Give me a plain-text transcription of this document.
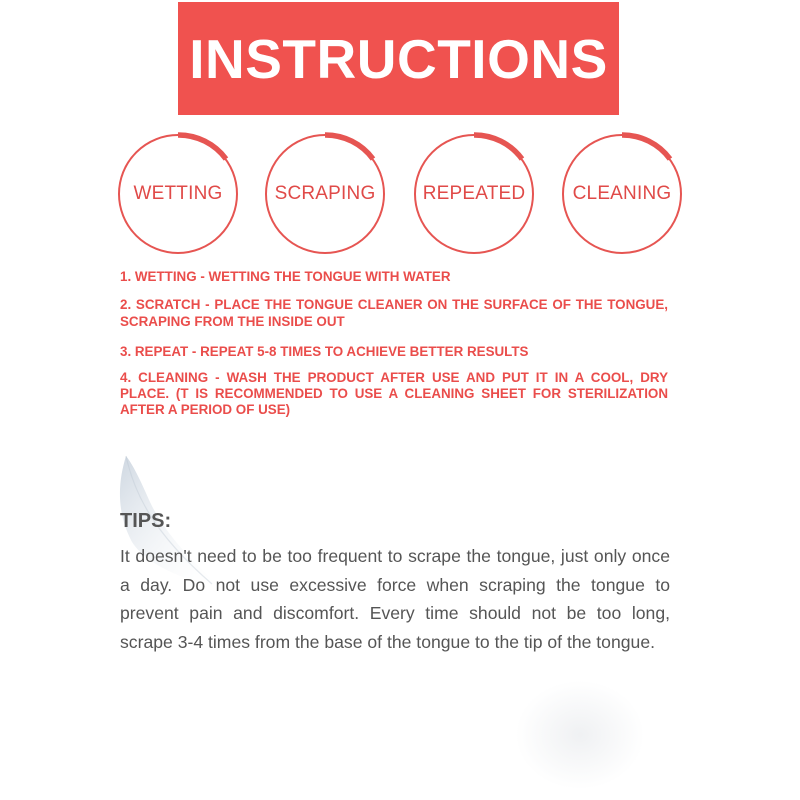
INSTRUCTIONS
WETTING	SCRAPING	REPEATED	CLEANING

1. WETTING - WETTING THE TONGUE WITH WATER

2. SCRATCH - PLACE THE TONGUE CLEANER ON THE SURFACE OF THE TONGUE, SCRAPING FROM THE INSIDE OUT

3. REPEAT - REPEAT 5-8 TIMES TO ACHIEVE BETTER RESULTS

4. CLEANING - WASH THE PRODUCT AFTER USE AND PUT IT IN A COOL, DRY PLACE. (T IS RECOMMENDED TO USE A CLEANING SHEET FOR STERILIZATION AFTER A PERIOD OF USE)

TIPS:

It doesn't need to be too frequent to scrape the tongue, just only once a day. Do not use excessive force when scraping the tongue to prevent pain and discomfort. Every time should not be too long, scrape 3-4 times from the base of the tongue to the tip of the tongue.
